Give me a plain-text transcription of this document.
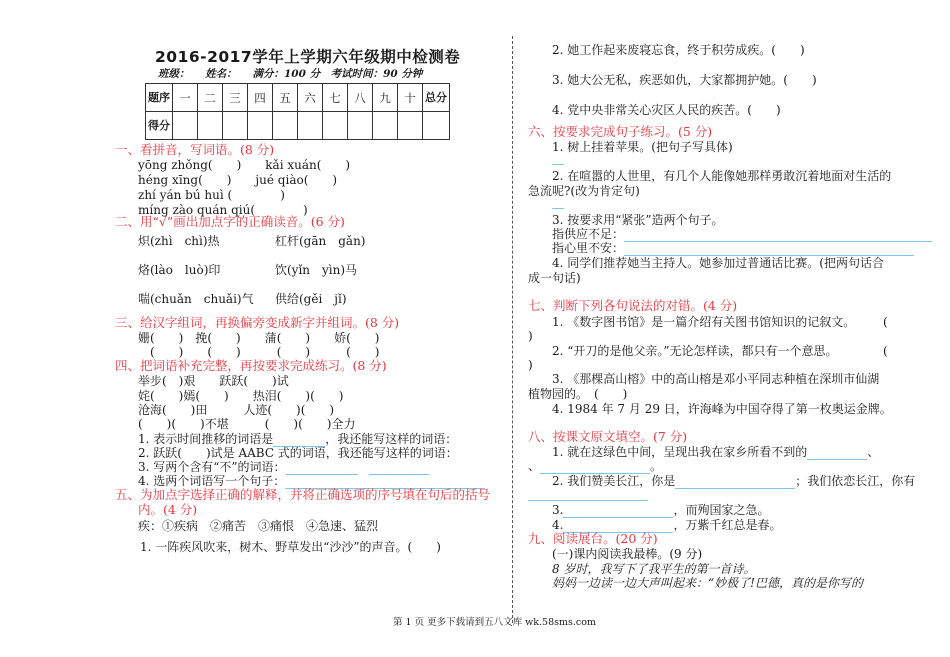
2016-2017学年上学期六年级期中检测卷
班级：　　姓名：　　满分：100 分　考试时间：90 分钟
题序	一	二	三	四	五	六	七	八	九	十	总分
得分											
一、看拼音，写词语。(8 分)
yōng zhǒng(　　)　　kǎi xuán(　　)
héng xīng(　　)　　jué qiào(　　)
zhí yán bú huì (　　　　)
míng zào quán qiú(　　　　)
二、用“√”画出加点字的正确读音。(6 分)
炽(zhì　chì)热	杠杆(gān　gǎn)
烙(lào　luò)印	饮(yǐn　yìn)马
喘(chuǎn　chuǎi)气 供给(gěi　jǐ)
三、给汉字组词，再换偏旁变成新字并组词。(8 分)
姗(　　)　挽(　　)　　蒲(　　)　　娇(　　)
　(　　)　　(　　)　　　(　　)　　　(　　)
四、把词语补充完整，再按要求完成练习。(8 分)
举步(　)艰　　跃跃(　　)试
姹(　　)嫣(　　)　　热泪(　　)(　　)
沧海(　　)田　　　人迹(　　)(　　)
(　　)(　　)不堪　　　(　　)(　　)全力
1. 表示时间推移的词语是	，我还能写这样的词语：
2. 跃跃(　　)试是 AABC 式的词语，我还能写这样的词语：
3. 写两个含有“不”的词语：
4. 选两个词语写一个句子：
五、为加点字选择正确的解释，并将正确选项的序号填在句后的括号
内。(4 分)
疾：①疾病　②痛苦　③痛恨　④急速、猛烈
1. 一阵疾风吹来，树木、野草发出“沙沙”的声音。(　　)
2. 她工作起来废寝忘食，终于积劳成疾。(　　)
3. 她大公无私，疾恶如仇，大家都拥护她。(　　)
4. 党中央非常关心灾区人民的疾苦。(　　)
六、按要求完成句子练习。(5 分)
1. 树上挂着苹果。(把句子写具体)
2. 在喧嚣的人世里，有几个人能像她那样勇敢沉着地面对生活的
急流呢?(改为肯定句)
3. 按要求用“紧张”造两个句子。
指供应不足：
指心里不安：
4. 同学们推荐她当主持人。她参加过普通话比赛。(把两句话合
成一句话)
七、判断下列各句说法的对错。(4 分)
1. 《数字图书馆》是一篇介绍有关图书馆知识的记叙文。 (
)
2. “开刀的是他父亲。”无论怎样读，都只有一个意思。	(
)
3. 《那棵高山榕》中的高山榕是邓小平同志种植在深圳市仙湖
植物园的。　(　　)
4. 1984 年 7 月 29 日，许海峰为中国夺得了第一枚奥运金牌。
八、按课文原文填空。(7 分)
1. 就在这绿色中间，呈现出我在家乡所看不到的	、
、	。
2. 我们赞美长江，你是	；我们依恋长江，你有
3.	，而殉国家之急。
4.	，万紫千红总是春。
九、阅读展台。(20 分)
(一)课内阅读我最棒。(9 分)
8 岁时，我写下了我平生的第一首诗。
妈妈一边读一边大声叫起来：“妙极了!巴德，真的是你写的
第 1 页 更多下载请到五八文库 wk.58sms.com
